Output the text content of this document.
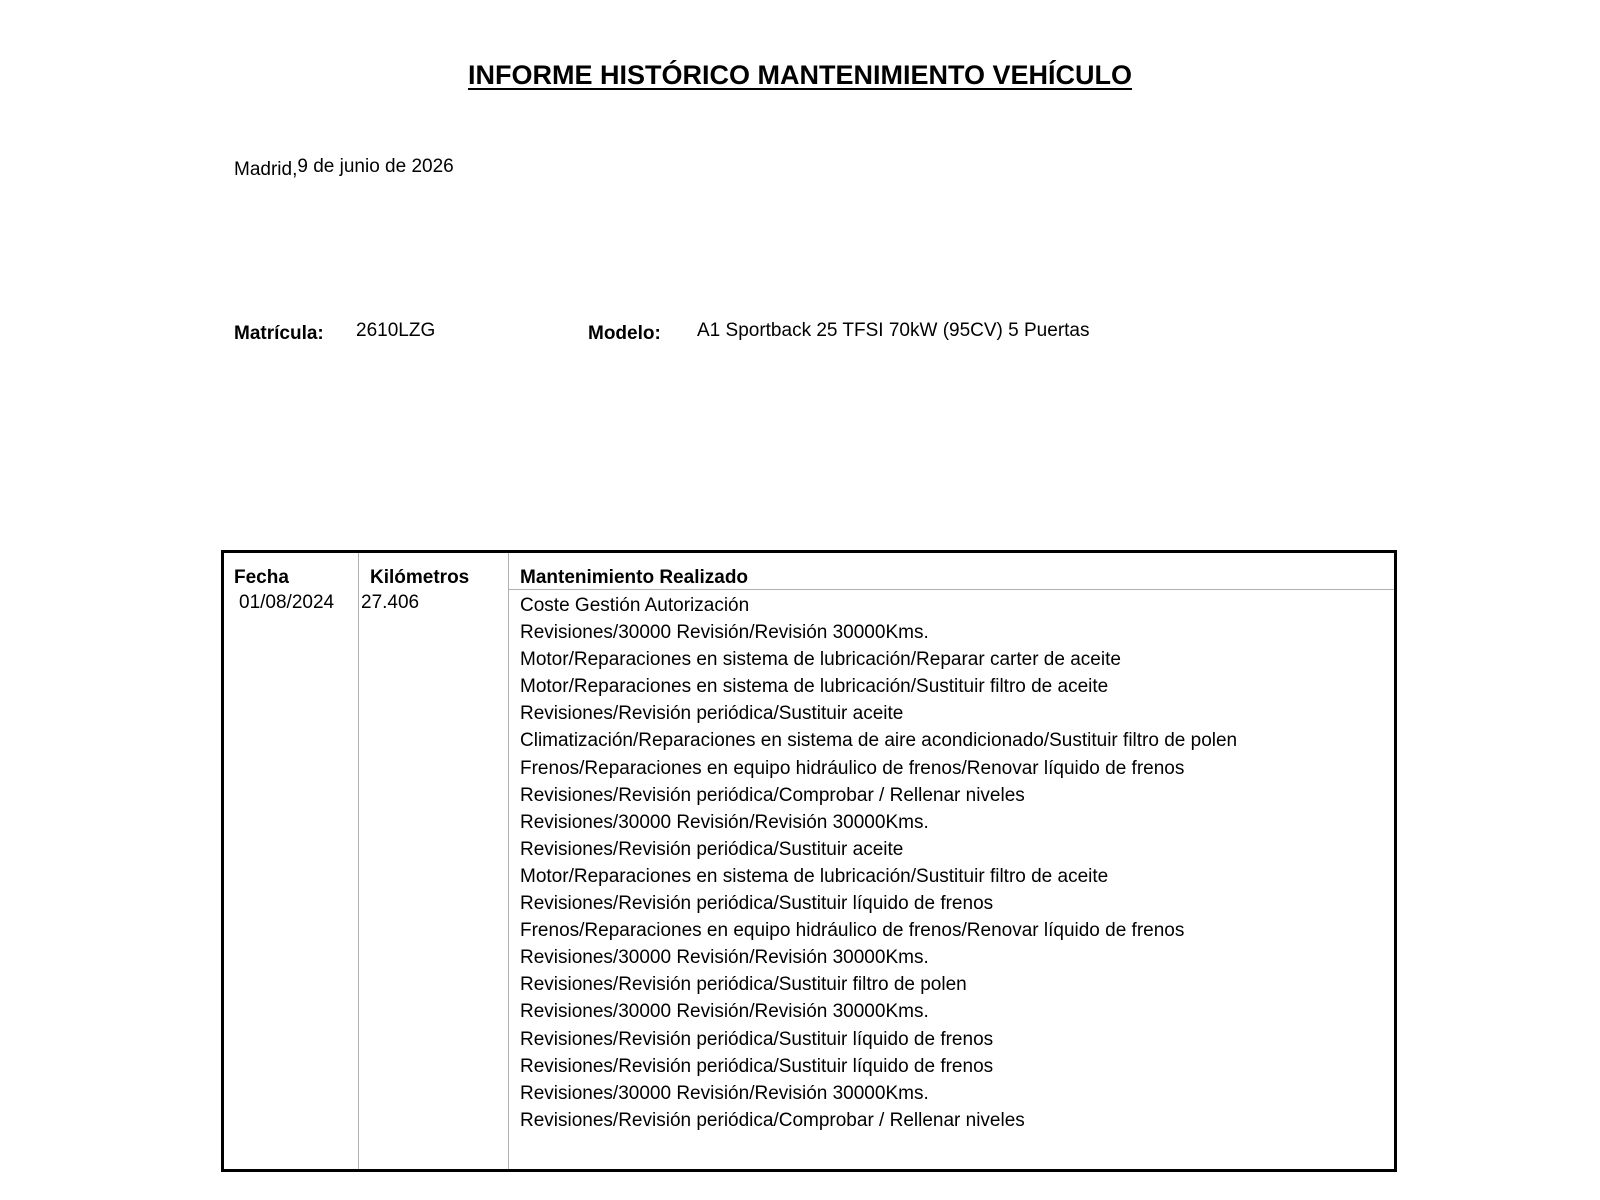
INFORME HISTÓRICO MANTENIMIENTO VEHÍCULO
Madrid,9 de junio de 2026
Matrícula: 2610LZG	Modelo: A1 Sportback 25 TFSI 70kW (95CV) 5 Puertas
Fecha	Kilómetros	Mantenimiento Realizado
01/08/2024 27.406	Coste Gestión Autorización
Revisiones/30000 Revisión/Revisión 30000Kms.
Motor/Reparaciones en sistema de lubricación/Reparar carter de aceite
Motor/Reparaciones en sistema de lubricación/Sustituir filtro de aceite
Revisiones/Revisión periódica/Sustituir aceite
Climatización/Reparaciones en sistema de aire acondicionado/Sustituir filtro de polen
Frenos/Reparaciones en equipo hidráulico de frenos/Renovar líquido de frenos
Revisiones/Revisión periódica/Comprobar / Rellenar niveles
Revisiones/30000 Revisión/Revisión 30000Kms.
Revisiones/Revisión periódica/Sustituir aceite
Motor/Reparaciones en sistema de lubricación/Sustituir filtro de aceite
Revisiones/Revisión periódica/Sustituir líquido de frenos
Frenos/Reparaciones en equipo hidráulico de frenos/Renovar líquido de frenos
Revisiones/30000 Revisión/Revisión 30000Kms.
Revisiones/Revisión periódica/Sustituir filtro de polen
Revisiones/30000 Revisión/Revisión 30000Kms.
Revisiones/Revisión periódica/Sustituir líquido de frenos
Revisiones/Revisión periódica/Sustituir líquido de frenos
Revisiones/30000 Revisión/Revisión 30000Kms.
Revisiones/Revisión periódica/Comprobar / Rellenar niveles
